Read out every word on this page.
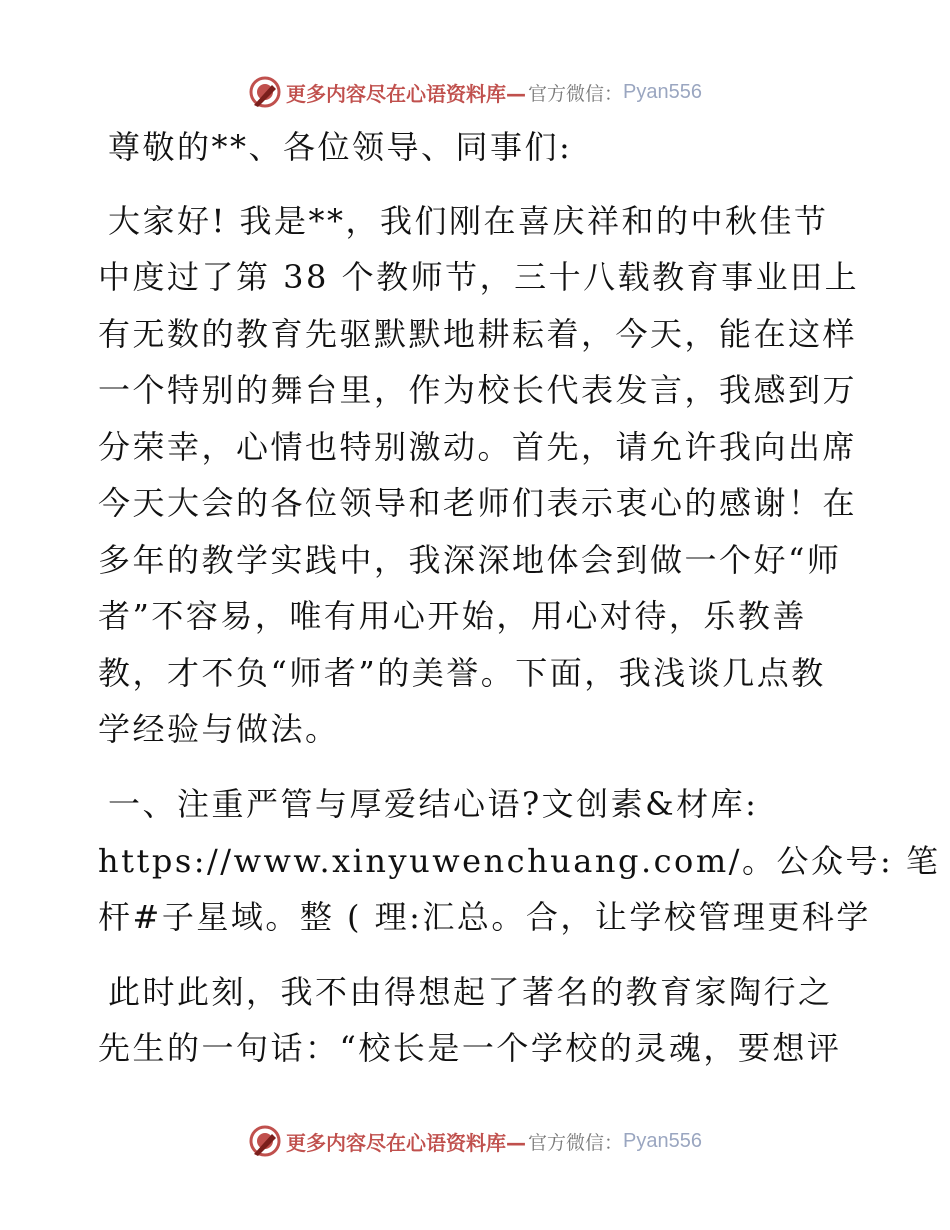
更多内容尽在心语资料库— 官方微信： Pyan556
尊敬的**、各位领导、同事们:
大家好! 我是**，我们刚在喜庆祥和的中秋佳节
中度过了第 38 个教师节，三十八载教育事业田上
有无数的教育先驱默默地耕耘着，今天，能在这样
一个特别的舞台里，作为校长代表发言，我感到万
分荣幸，心情也特别激动。首先，请允许我向出席
今天大会的各位领导和老师们表示衷心的感谢！在
多年的教学实践中，我深深地体会到做一个好“师
者”不容易，唯有用心开始，用心对待，乐教善
教，才不负“师者”的美誉。下面，我浅谈几点教
学经验与做法。
一、注重严管与厚爱结心语?文创素&材库:
https://www.xinyuwenchuang.com/。公众号: 笔
杆#子星域。整 ( 理:汇总。合，让学校管理更科学
此时此刻，我不由得想起了著名的教育家陶行之
先生的一句话：“校长是一个学校的灵魂，要想评
更多内容尽在心语资料库— 官方微信： Pyan556
